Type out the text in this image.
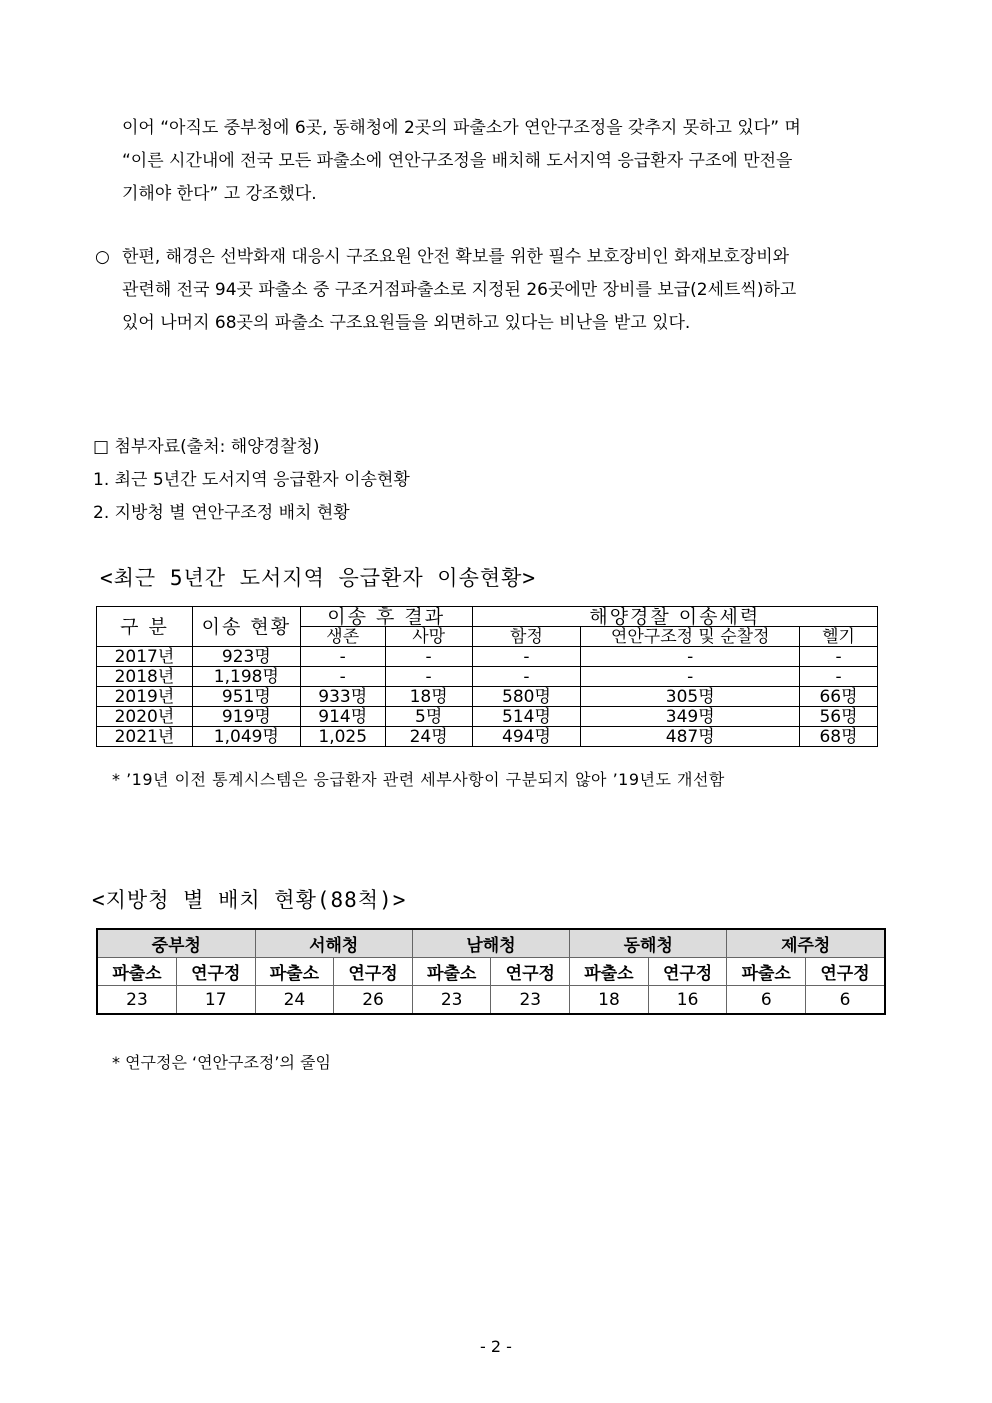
이어 “아직도 중부청에 6곳, 동해청에 2곳의 파출소가 연안구조정을 갖추지 못하고 있다” 며
“이른 시간내에 전국 모든 파출소에 연안구조정을 배치해 도서지역 응급환자 구조에 만전을
기해야 한다” 고 강조했다.
○ 한편, 해경은 선박화재 대응시 구조요원 안전 확보를 위한 필수 보호장비인 화재보호장비와
관련해 전국 94곳 파출소 중 구조거점파출소로 지정된 26곳에만 장비를 보급(2세트씩)하고
있어 나머지 68곳의 파출소 구조요원들을 외면하고 있다는 비난을 받고 있다.
□ 첨부자료(출처: 해양경찰청)
1. 최근 5년간 도서지역 응급환자 이송현황
2. 지방청 별 연안구조정 배치 현황
<최근 5년간 도서지역 응급환자 이송현황>
구 분	이송 현황	이송 후 결과		해양경찰 이송세력		
		생존	사망	함정	연안구조정 및 순찰정	헬기
2017년	923명	-	-	-	-	-
2018년	1,198명	-	-	-	-	-
2019년	951명	933명	18명	580명	305명	66명
2020년	919명	914명	5명	514명	349명	56명
2021년	1,049명	1,025	24명	494명	487명	68명
* ’19년 이전 통계시스템은 응급환자 관련 세부사항이 구분되지 않아 ’19년도 개선함
<지방청 별 배치 현황(88척)>
중부청		서해청		남해청		동해청		제주청	
파출소	연구정	파출소	연구정	파출소	연구정	파출소	연구정	파출소	연구정
23	17	24	26	23	23	18	16	6	6
* 연구정은 ‘연안구조정’의 줄임
- 2 -
